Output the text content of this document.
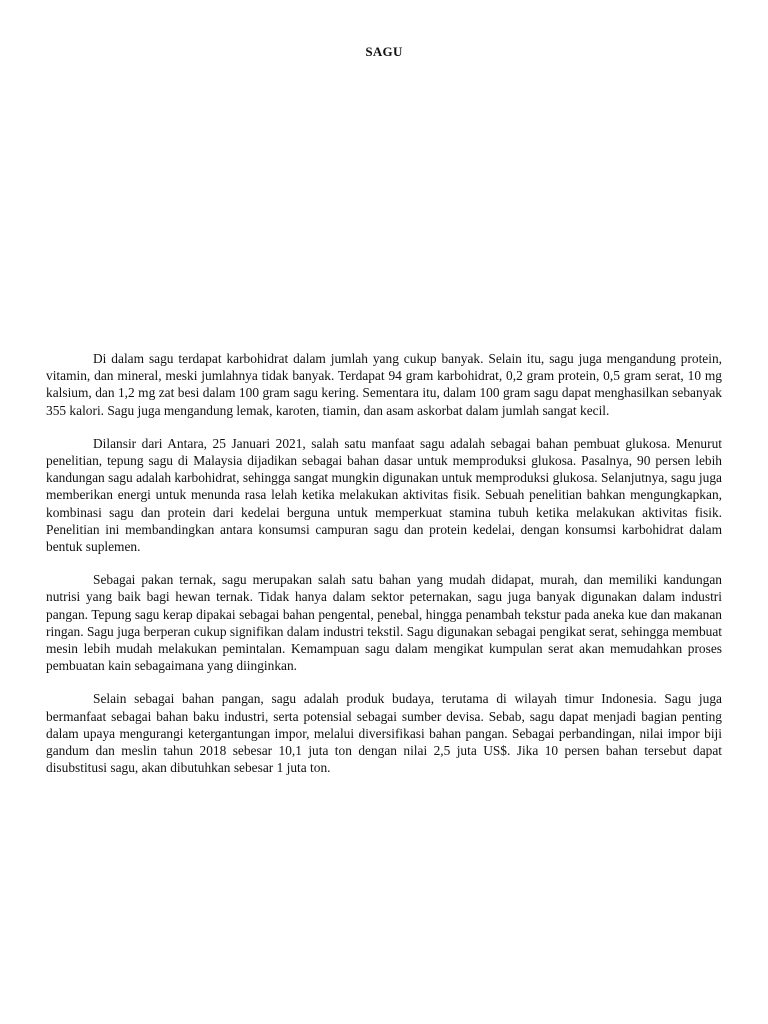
SAGU

Di dalam sagu terdapat karbohidrat dalam jumlah yang cukup banyak. Selain itu, sagu juga mengandung protein, vitamin, dan mineral, meski jumlahnya tidak banyak. Terdapat 94 gram karbohidrat, 0,2 gram protein, 0,5 gram serat, 10 mg kalsium, dan 1,2 mg zat besi dalam 100 gram sagu kering. Sementara itu, dalam 100 gram sagu dapat menghasilkan sebanyak 355 kalori. Sagu juga mengandung lemak, karoten, tiamin, dan asam askorbat dalam jumlah sangat kecil.

Dilansir dari Antara, 25 Januari 2021, salah satu manfaat sagu adalah sebagai bahan pembuat glukosa. Menurut penelitian, tepung sagu di Malaysia dijadikan sebagai bahan dasar untuk memproduksi glukosa. Pasalnya, 90 persen lebih kandungan sagu adalah karbohidrat, sehingga sangat mungkin digunakan untuk memproduksi glukosa. Selanjutnya, sagu juga memberikan energi untuk menunda rasa lelah ketika melakukan aktivitas fisik. Sebuah penelitian bahkan mengungkapkan, kombinasi sagu dan protein dari kedelai berguna untuk memperkuat stamina tubuh ketika melakukan aktivitas fisik. Penelitian ini membandingkan antara konsumsi campuran sagu dan protein kedelai, dengan konsumsi karbohidrat dalam bentuk suplemen.

Sebagai pakan ternak, sagu merupakan salah satu bahan yang mudah didapat, murah, dan memiliki kandungan nutrisi yang baik bagi hewan ternak. Tidak hanya dalam sektor peternakan, sagu juga banyak digunakan dalam industri pangan. Tepung sagu kerap dipakai sebagai bahan pengental, penebal, hingga penambah tekstur pada aneka kue dan makanan ringan. Sagu juga berperan cukup signifikan dalam industri tekstil. Sagu digunakan sebagai pengikat serat, sehingga membuat mesin lebih mudah melakukan pemintalan. Kemampuan sagu dalam mengikat kumpulan serat akan memudahkan proses pembuatan kain sebagaimana yang diinginkan.

Selain sebagai bahan pangan, sagu adalah produk budaya, terutama di wilayah timur Indonesia. Sagu juga bermanfaat sebagai bahan baku industri, serta potensial sebagai sumber devisa. Sebab, sagu dapat menjadi bagian penting dalam upaya mengurangi ketergantungan impor, melalui diversifikasi bahan pangan. Sebagai perbandingan, nilai impor biji gandum dan meslin tahun 2018 sebesar 10,1 juta ton dengan nilai 2,5 juta US$. Jika 10 persen bahan tersebut dapat disubstitusi sagu, akan dibutuhkan sebesar 1 juta ton.
